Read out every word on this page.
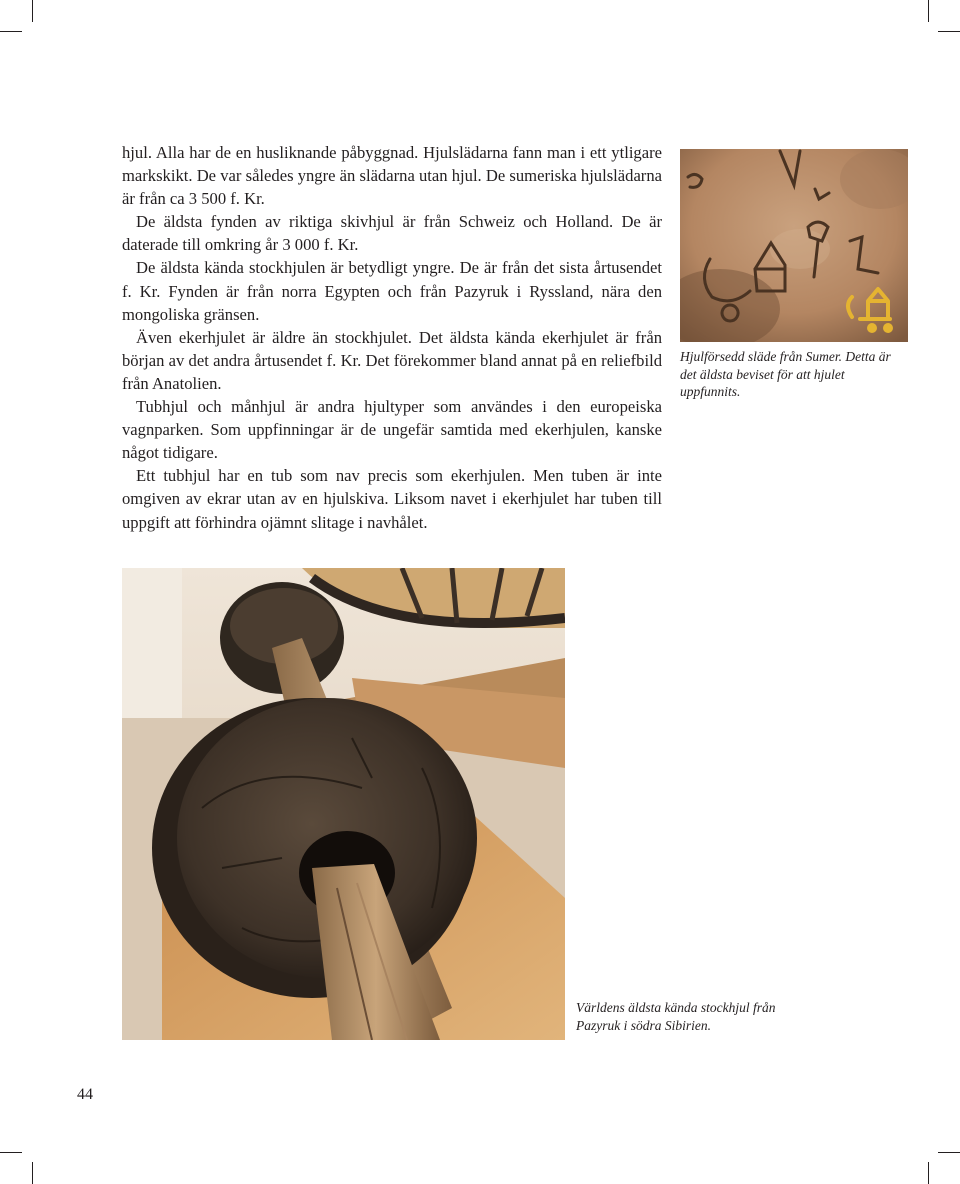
hjul. Alla har de en husliknande påbyggnad. Hjulslädarna fann man i ett ytligare markskikt. De var således yngre än slädarna utan hjul. De sumeriska hjulslädarna är från ca 3 500 f. Kr.

De äldsta fynden av riktiga skivhjul är från Schweiz och Holland. De är daterade till omkring år 3 000 f. Kr.

De äldsta kända stockhjulen är betydligt yngre. De är från det sista årtusendet f. Kr. Fynden är från norra Egypten och från Pazyruk i Ryssland, nära den mongoliska gränsen.

Även ekerhjulet är äldre än stockhjulet. Det äldsta kända ekerhjulet är från början av det andra årtusendet f. Kr. Det förekommer bland annat på en reliefbild från Anatolien.

Tubhjul och månhjul är andra hjultyper som användes i den europeiska vagnparken. Som uppfinningar är de ungefär samtida med ekerhjulen, kanske något tidigare.

Ett tubhjul har en tub som nav precis som ekerhjulen. Men tuben är inte omgiven av ekrar utan av en hjulskiva. Liksom navet i ekerhjulet har tuben till uppgift att förhindra ojämnt slitage i navhålet.

Hjulförsedd släde från Sumer. Detta är det äldsta beviset för att hjulet uppfunnits.
Världens äldsta kända stockhjul från Pazyruk i södra Sibirien.
44
